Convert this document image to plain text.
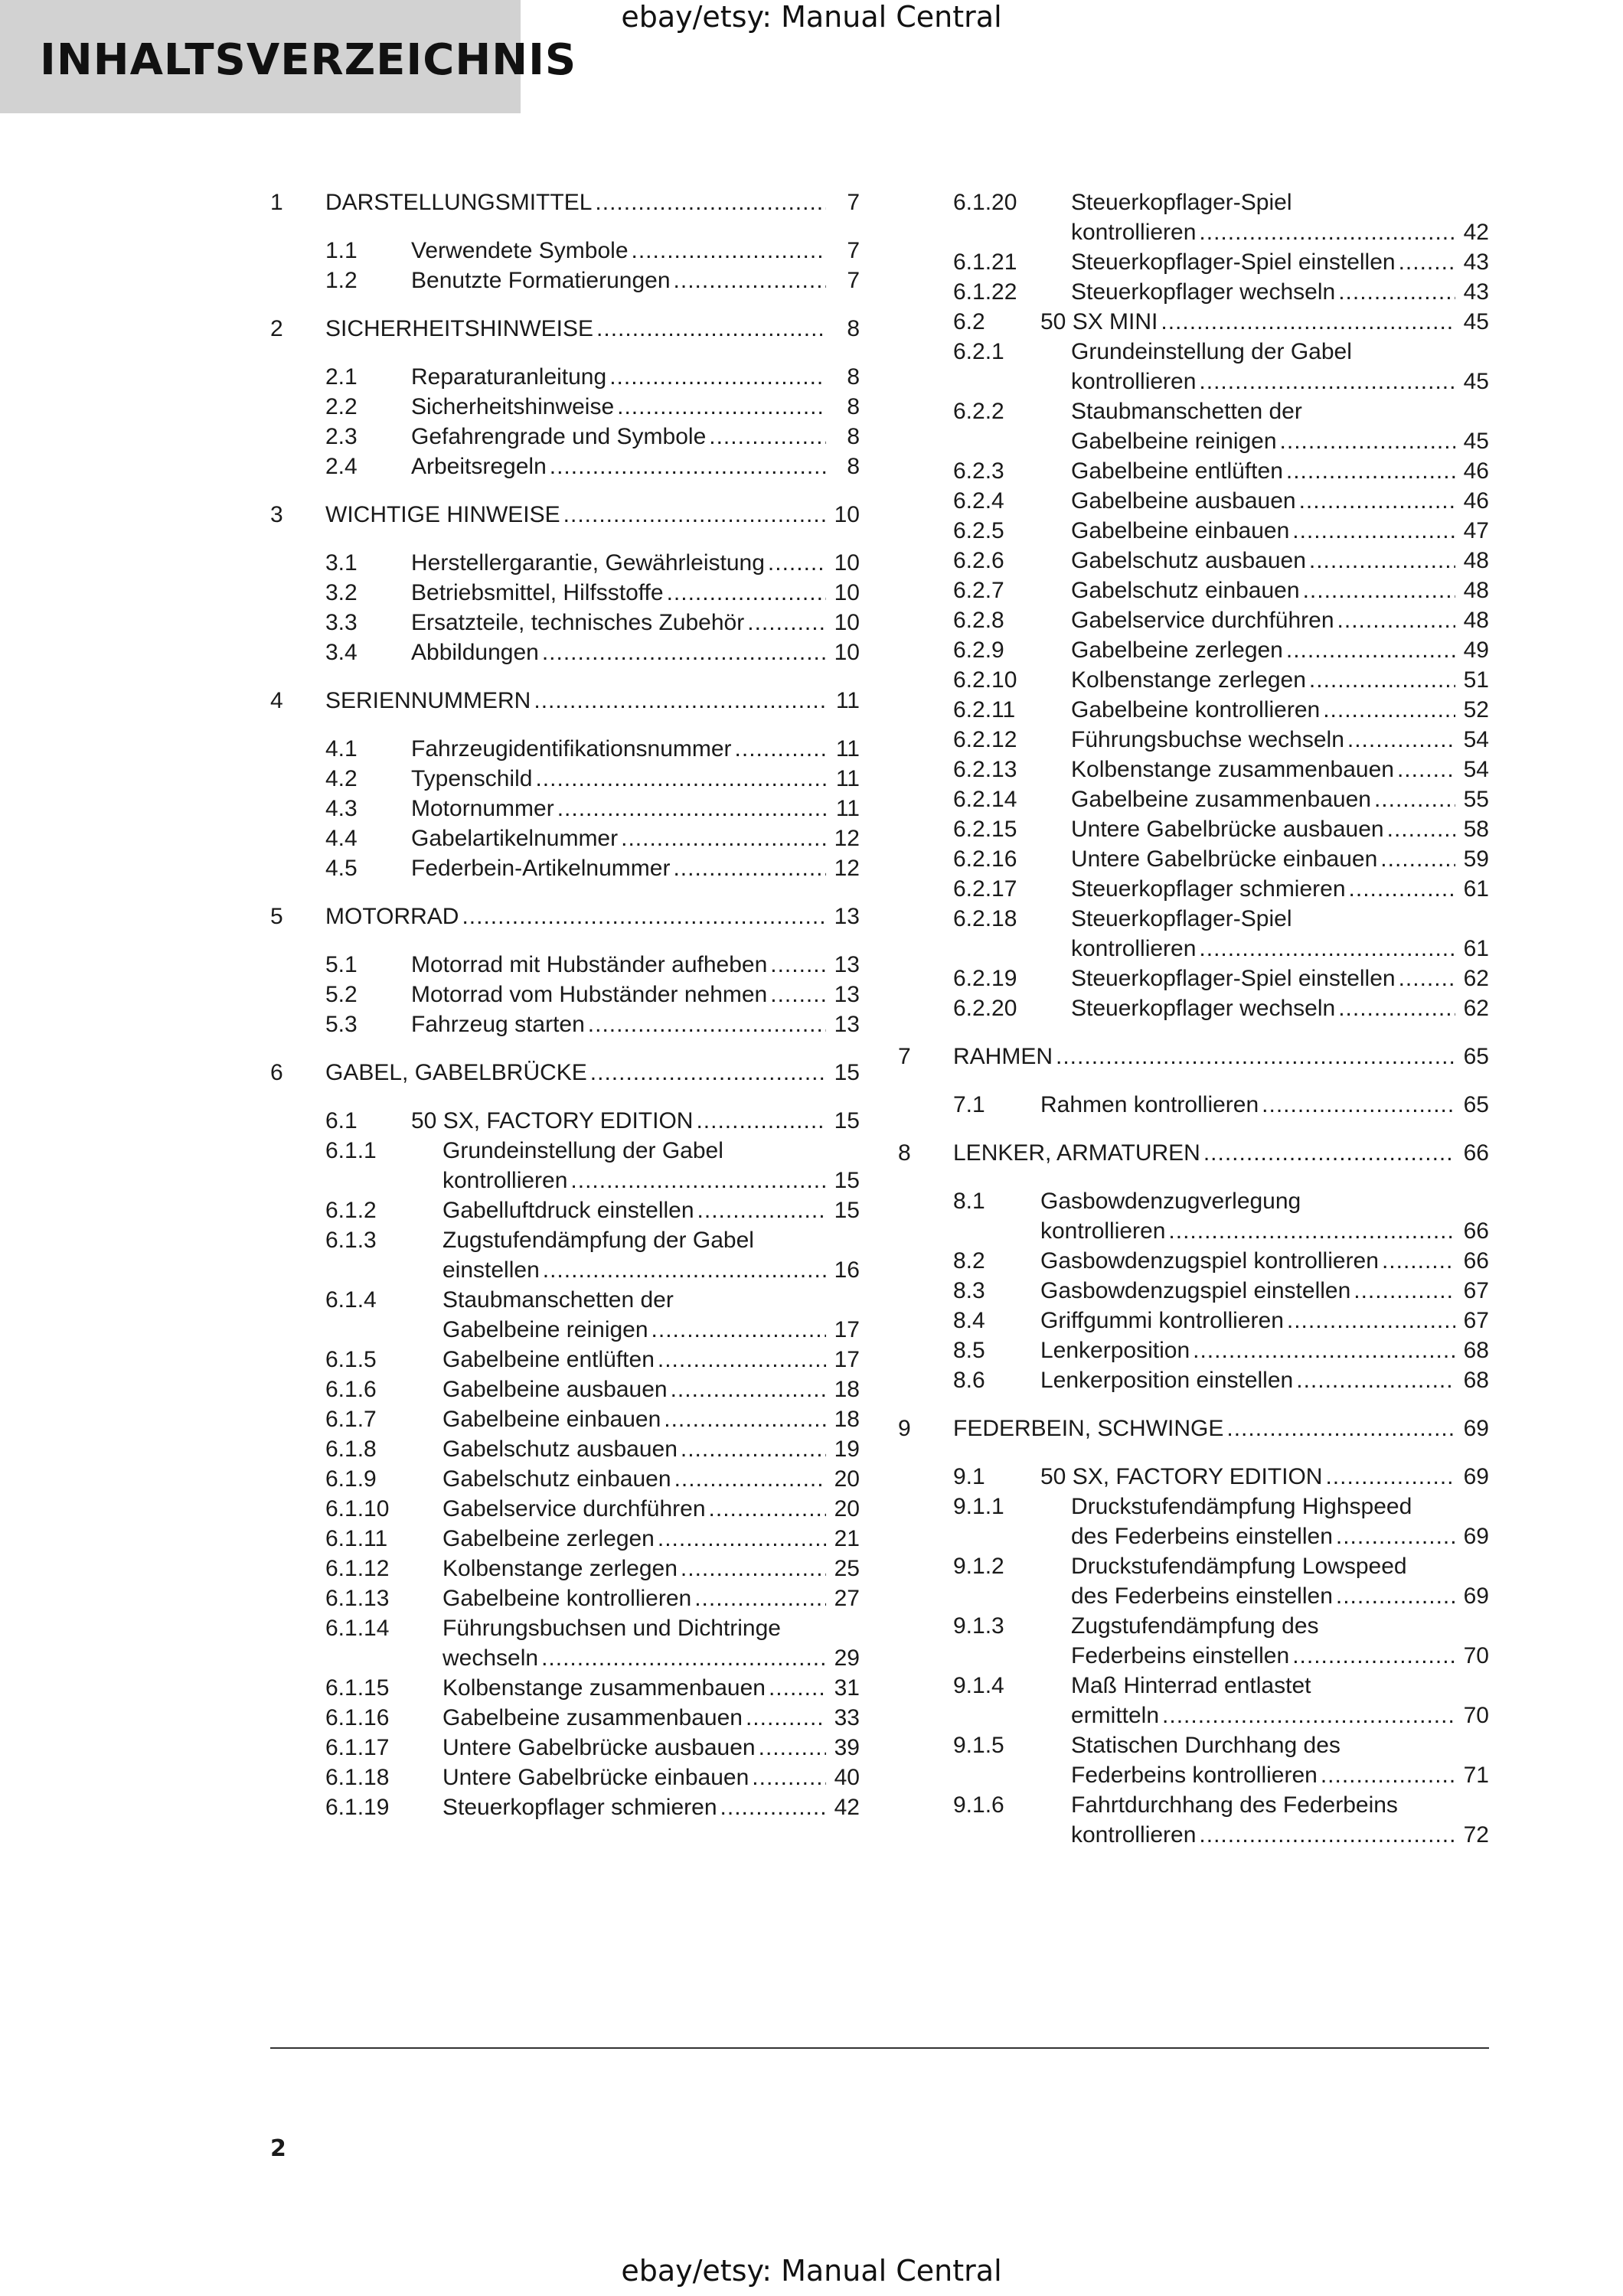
ebay/etsy: Manual Central
INHALTSVERZEICHNIS
1 DARSTELLUNGSMITTEL .....	7
1.1 Verwendete Symbole .....	7
1.2 Benutzte Formatierungen .....	7
2 SICHERHEITSHINWEISE .....	8
2.1 Reparaturanleitung .....	8
2.2 Sicherheitshinweise .....	8
2.3 Gefahrengrade und Symbole .....	8
2.4 Arbeitsregeln .....	8
3 WICHTIGE HINWEISE .....	10
3.1 Herstellergarantie, Gewährleistung .....	10
3.2 Betriebsmittel, Hilfsstoffe .....	10
3.3 Ersatzteile, technisches Zubehör .....	10
3.4 Abbildungen .....	10
4 SERIENNUMMERN .....	11
4.1 Fahrzeugidentifikationsnummer .....	11
4.2 Typenschild .....	11
4.3 Motornummer .....	11
4.4 Gabelartikelnummer .....	12
4.5 Federbein-Artikelnummer .....	12
5 MOTORRAD .....	13
5.1 Motorrad mit Hubständer aufheben .....	13
5.2 Motorrad vom Hubständer nehmen .....	13
5.3 Fahrzeug starten .....	13
6 GABEL, GABELBRÜCKE .....	15
6.1 50 SX, FACTORY EDITION .....	15
6.1.1	Grundeinstellung der Gabel
kontrollieren .....	15
6.1.2	Gabelluftdruck einstellen .....	15
6.1.3	Zugstufendämpfung der Gabel
einstellen .....	16
6.1.4	Staubmanschetten der
Gabelbeine reinigen .....	17
6.1.5	Gabelbeine entlüften .....	17
6.1.6	Gabelbeine ausbauen .....	18
6.1.7	Gabelbeine einbauen .....	18
6.1.8	Gabelschutz ausbauen .....	19
6.1.9	Gabelschutz einbauen .....	20
6.1.10 Gabelservice durchführen .....	20
6.1.11 Gabelbeine zerlegen .....	21
6.1.12 Kolbenstange zerlegen .....	25
6.1.13 Gabelbeine kontrollieren .....	27
6.1.14 Führungsbuchsen und Dichtringe
wechseln .....	29
6.1.15 Kolbenstange zusammenbauen .....	31
6.1.16 Gabelbeine zusammenbauen .....	33
6.1.17 Untere Gabelbrücke ausbauen .....	39
6.1.18 Untere Gabelbrücke einbauen .....	40
6.1.19 Steuerkopflager schmieren .....	42
6.1.20 Steuerkopflager-Spiel
kontrollieren .....	42
6.1.21 Steuerkopflager-Spiel einstellen .....	43
6.1.22 Steuerkopflager wechseln .....	43
6.2 50 SX MINI .....	45
6.2.1	Grundeinstellung der Gabel
kontrollieren .....	45
6.2.2	Staubmanschetten der
Gabelbeine reinigen .....	45
6.2.3	Gabelbeine entlüften .....	46
6.2.4	Gabelbeine ausbauen .....	46
6.2.5	Gabelbeine einbauen .....	47
6.2.6	Gabelschutz ausbauen .....	48
6.2.7	Gabelschutz einbauen .....	48
6.2.8	Gabelservice durchführen .....	48
6.2.9	Gabelbeine zerlegen .....	49
6.2.10 Kolbenstange zerlegen .....	51
6.2.11 Gabelbeine kontrollieren .....	52
6.2.12 Führungsbuchse wechseln .....	54
6.2.13 Kolbenstange zusammenbauen .....	54
6.2.14 Gabelbeine zusammenbauen .....	55
6.2.15 Untere Gabelbrücke ausbauen .....	58
6.2.16 Untere Gabelbrücke einbauen .....	59
6.2.17 Steuerkopflager schmieren .....	61
6.2.18 Steuerkopflager-Spiel
kontrollieren .....	61
6.2.19 Steuerkopflager-Spiel einstellen .....	62
6.2.20 Steuerkopflager wechseln .....	62
7 RAHMEN .....	65
7.1 Rahmen kontrollieren .....	65
8 LENKER, ARMATUREN .....	66
8.1 Gasbowdenzugverlegung
kontrollieren .....	66
8.2 Gasbowdenzugspiel kontrollieren .....	66
8.3 Gasbowdenzugspiel einstellen .....	67
8.4 Griffgummi kontrollieren .....	67
8.5 Lenkerposition .....	68
8.6 Lenkerposition einstellen .....	68
9 FEDERBEIN, SCHWINGE .....	69
9.1 50 SX, FACTORY EDITION .....	69
9.1.1	Druckstufendämpfung Highspeed
des Federbeins einstellen .....	69
9.1.2	Druckstufendämpfung Lowspeed
des Federbeins einstellen .....	69
9.1.3	Zugstufendämpfung des
Federbeins einstellen .....	70
9.1.4	Maß Hinterrad entlastet
ermitteln .....	70
9.1.5	Statischen Durchhang des
Federbeins kontrollieren .....	71
9.1.6	Fahrtdurchhang des Federbeins
kontrollieren .....	72
2
ebay/etsy: Manual Central
